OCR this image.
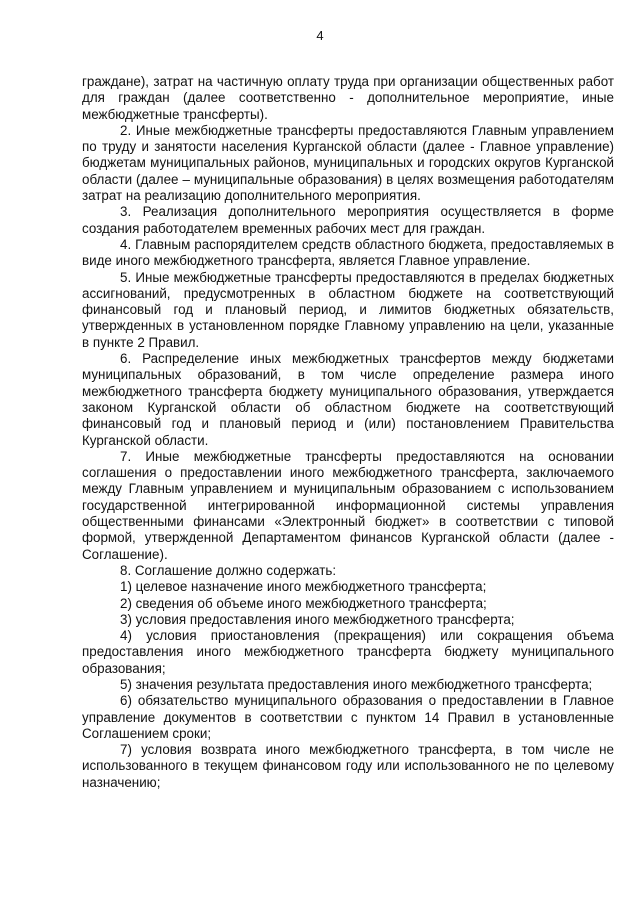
4

граждане), затрат на частичную оплату труда при организации общественных работ для граждан (далее соответственно - дополнительное мероприятие, иные межбюджетные трансферты).

2. Иные межбюджетные трансферты предоставляются Главным управлением по труду и занятости населения Курганской области (далее - Главное управление) бюджетам муниципальных районов, муниципальных и городских округов Курганской области (далее – муниципальные образования) в целях возмещения работодателям затрат на реализацию дополнительного мероприятия.

3. Реализация дополнительного мероприятия осуществляется в форме создания работодателем временных рабочих мест для граждан.

4. Главным распорядителем средств областного бюджета, предоставляемых в виде иного межбюджетного трансферта, является Главное управление.

5. Иные межбюджетные трансферты предоставляются в пределах бюджетных ассигнований, предусмотренных в областном бюджете на соответствующий финансовый год и плановый период, и лимитов бюджетных обязательств, утвержденных в установленном порядке Главному управлению на цели, указанные в пункте 2 Правил.

6. Распределение иных межбюджетных трансфертов между бюджетами муниципальных образований, в том числе определение размера иного межбюджетного трансферта бюджету муниципального образования, утверждается законом Курганской области об областном бюджете на соответствующий финансовый год и плановый период и (или) постановлением Правительства Курганской области.

7. Иные межбюджетные трансферты предоставляются на основании соглашения о предоставлении иного межбюджетного трансферта, заключаемого между Главным управлением и муниципальным образованием с использованием государственной интегрированной информационной системы управления общественными финансами «Электронный бюджет» в соответствии с типовой формой, утвержденной Департаментом финансов Курганской области (далее - Соглашение).

8. Соглашение должно содержать:

1) целевое назначение иного межбюджетного трансферта;

2) сведения об объеме иного межбюджетного трансферта;

3) условия предоставления иного межбюджетного трансферта;

4) условия приостановления (прекращения) или сокращения объема предоставления иного межбюджетного трансферта бюджету муниципального образования;

5) значения результата предоставления иного межбюджетного трансферта;

6) обязательство муниципального образования о предоставлении в Главное управление документов в соответствии с пунктом 14 Правил в установленные Соглашением сроки;

7) условия возврата иного межбюджетного трансферта, в том числе не использованного в текущем финансовом году или использованного не по целевому назначению;
